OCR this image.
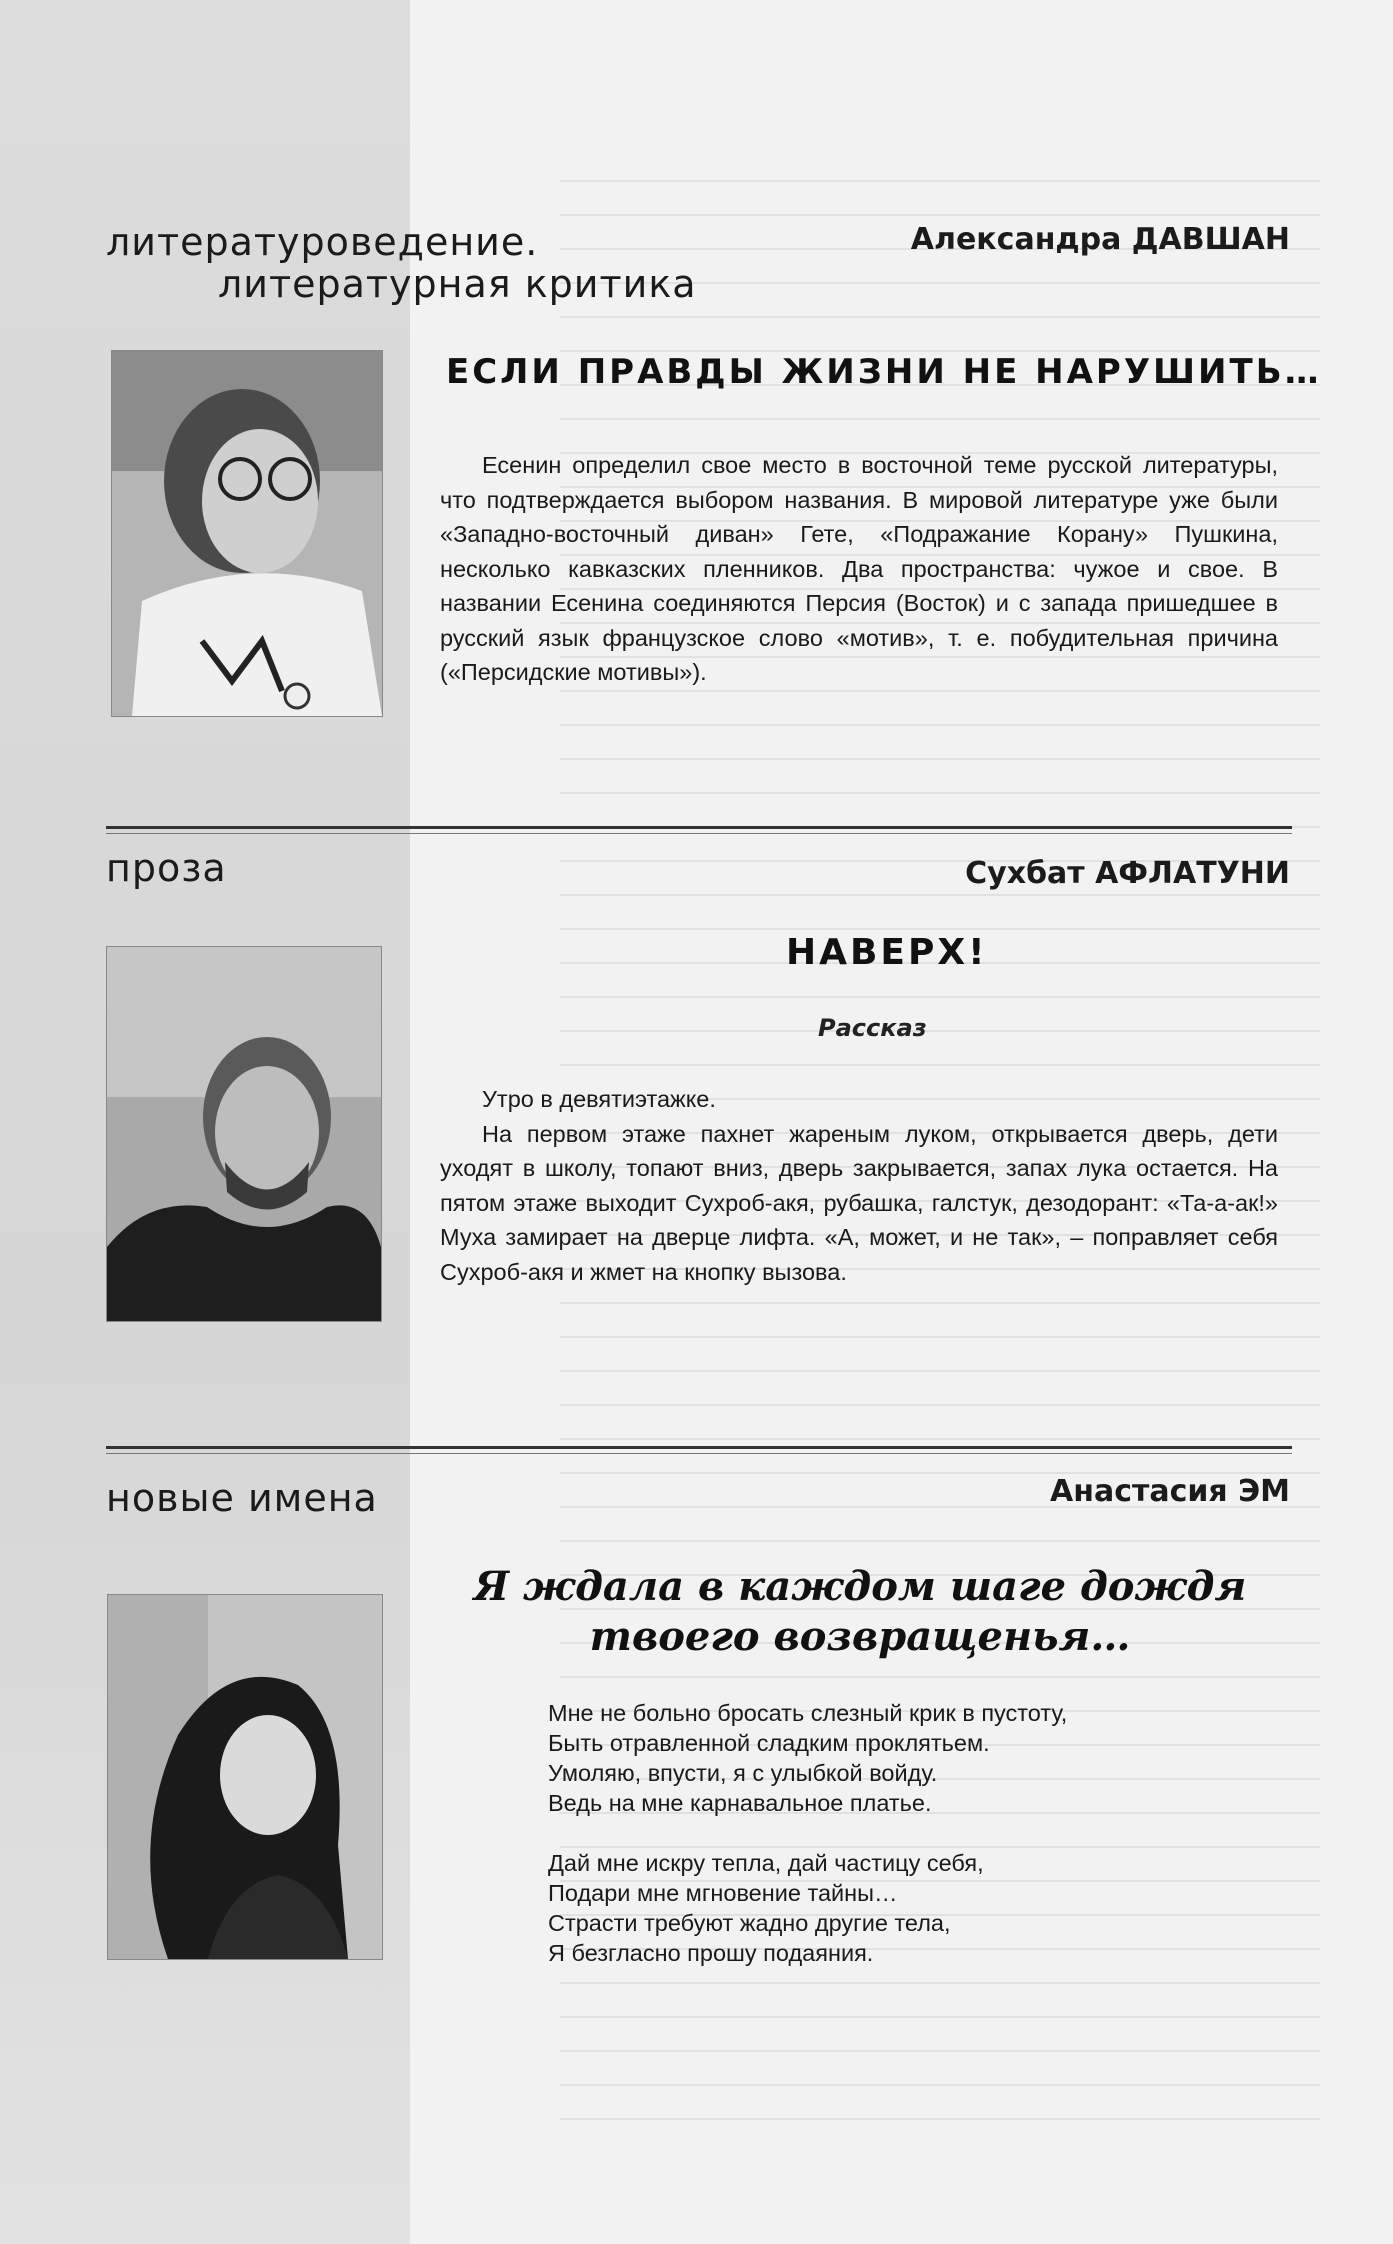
литературоведение.
литературная критика
Александра ДАВШАН
ЕСЛИ ПРАВДЫ ЖИЗНИ НЕ НАРУШИТЬ…

Есенин определил свое место в восточной теме русской литературы, что подтверждается выбором названия. В мировой литературе уже были «Западно-восточный диван» Гете, «Подражание Корану» Пушкина, несколько кавказских пленников. Два пространства: чужое и свое. В названии Есенина соединяются Персия (Восток) и с запада пришедшее в русский язык французское слово «мотив», т. е. побудительная причина («Персидские мотивы»).

проза	Сухбат АФЛАТУНИ
НАВЕРХ!
Рассказ

Утро в девятиэтажке.

На первом этаже пахнет жареным луком, открывается дверь, дети уходят в школу, топают вниз, дверь закрывается, запах лука остается. На пятом этаже выходит Сухроб-акя, рубашка, галстук, дезодорант: «Та-а-ак!» Муха замирает на дверце лифта. «А, может, и не так», – поправляет себя Сухроб-акя и жмет на кнопку вызова.

новые имена	Анастасия ЭМ
Я ждала в каждом шаге дождя
твоего возвращенья…
Мне не больно бросать слезный крик в пустоту,
Быть отравленной сладким проклятьем.
Умоляю, впусти, я с улыбкой войду.
Ведь на мне карнавальное платье.
Дай мне искру тепла, дай частицу себя,
Подари мне мгновение тайны…
Страсти требуют жадно другие тела,
Я безгласно прошу подаяния.
